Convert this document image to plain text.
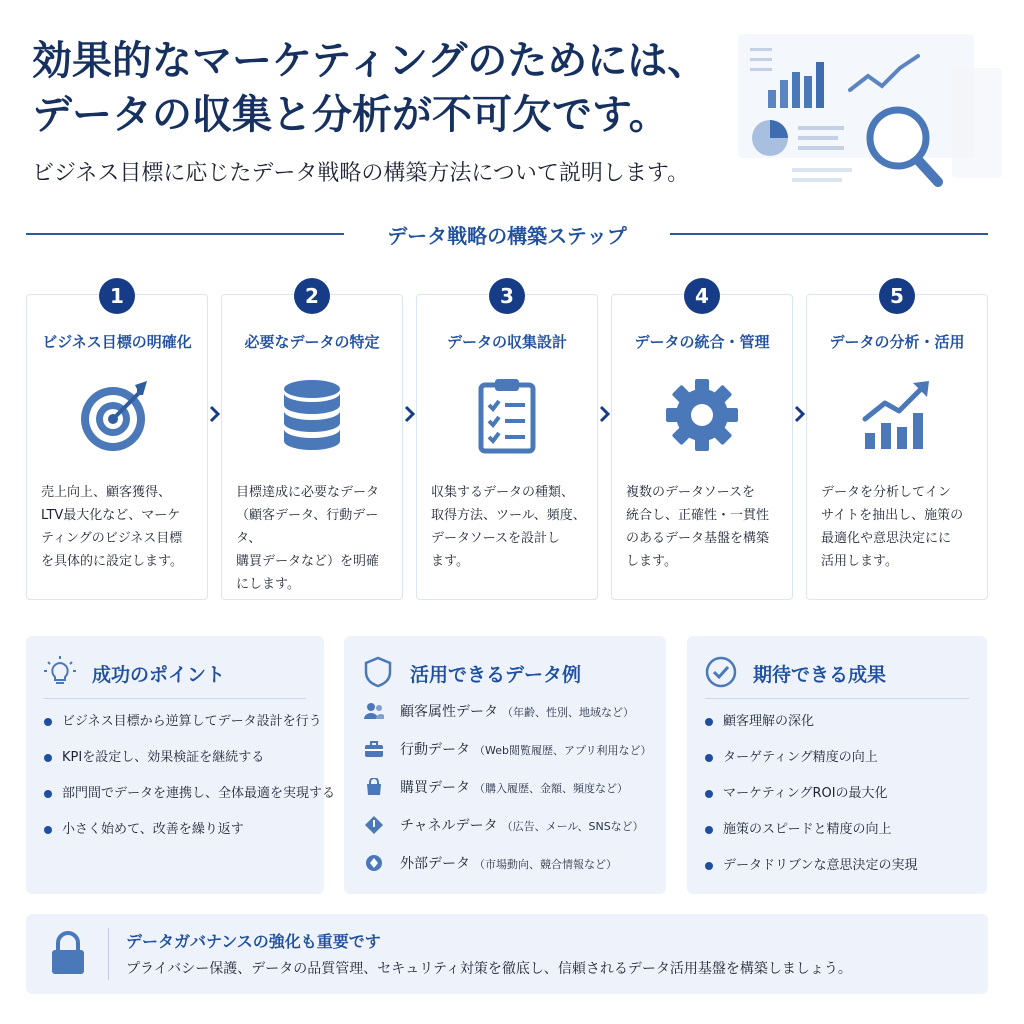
効果的なマーケティングのためには、
データの収集と分析が不可欠です。
ビジネス目標に応じたデータ戦略の構築方法について説明します。
データ戦略の構築ステップ
ビジネス目標の明確化
売上向上、顧客獲得、
LTV最大化など、マーケ
ティングのビジネス目標
を具体的に設定します。
1
必要なデータの特定
目標達成に必要なデータ
（顧客データ、行動データ、
購買データなど）を明確
にします。
2
データの収集設計
収集するデータの種類、
取得方法、ツール、頻度、
データソースを設計し
ます。
3
データの統合・管理
複数のデータソースを
統合し、正確性・一貫性
のあるデータ基盤を構築
します。
4
データの分析・活用
データを分析してイン
サイトを抽出し、施策の
最適化や意思決定にに
活用します。
5
成功のポイント
ビジネス目標から逆算してデータ設計を行う
KPIを設定し、効果検証を継続する
部門間でデータを連携し、全体最適を実現する
小さく始めて、改善を繰り返す
活用できるデータ例
顧客属性データ （年齢、性別、地域など）
行動データ （Web閲覧履歴、アプリ利用など）
購買データ （購入履歴、金額、頻度など）
チャネルデータ （広告、メール、SNSなど）
外部データ （市場動向、競合情報など）
期待できる成果
顧客理解の深化
ターゲティング精度の向上
マーケティングROIの最大化
施策のスピードと精度の向上
データドリブンな意思決定の実現
データガバナンスの強化も重要です
プライバシー保護、データの品質管理、セキュリティ対策を徹底し、信頼されるデータ活用基盤を構築しましょう。
